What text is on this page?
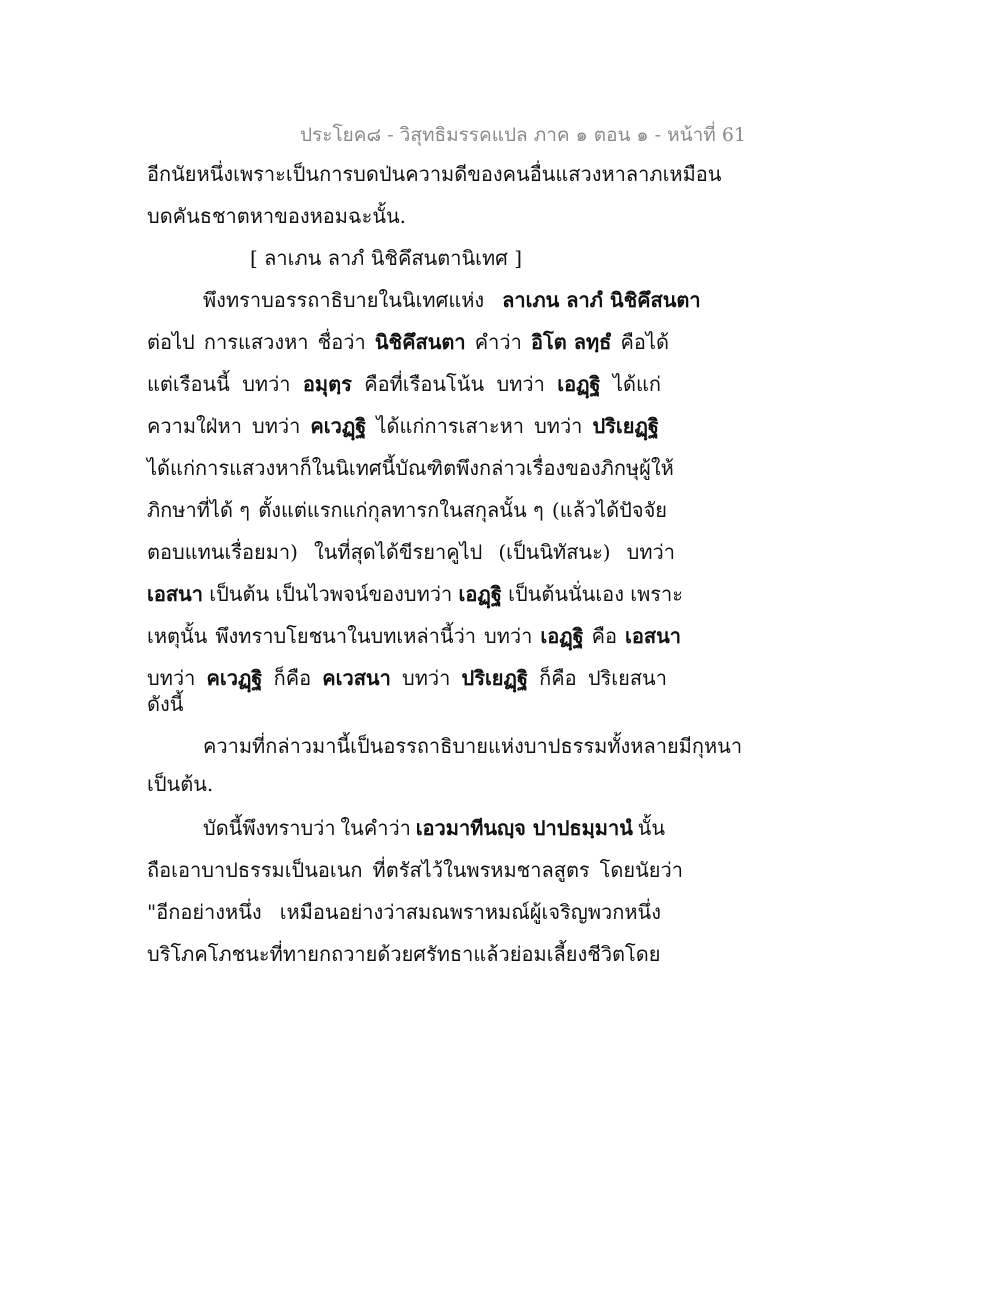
ประโยค๘ - วิสุทธิมรรคแปล ภาค ๑ ตอน ๑ - หน้าที่ 61
อีกนัยหนึ่ง เพราะเป็นการบดป่นความดีของคนอื่นแสวงหาลาภ เหมือน
บดคันธชาตหาของหอมฉะนั้น.
[ ลาเภน ลาภํ นิชิคึสนตานิเทศ ]
พึงทราบอรรถาธิบายในนิเทศแห่ง ลาเภน ลาภํ นิชิคึสนตา
ต่อไป การแสวงหา ชื่อว่า นิชิคึสนตา คำว่า อิโต ลทฺธํ คือได้
แต่เรือนนี้ บทว่า อมุตฺร คือที่เรือนโน้น บทว่า เอฏฺฐิ ได้แก่
ความใฝ่หา บทว่า คเวฏฺฐิ ได้แก่การเสาะหา บทว่า ปริเยฏฺฐิ
ได้แก่การแสวงหา ก็ในนิเทศนี้ บัณฑิตพึงกล่าวเรื่องของภิกษุผู้ให้
ภิกษาที่ได้ ๆ ตั้งแต่แรกแก่กุลทารกในสกุลนั้น ๆ (แล้วได้ปัจจัย
ตอบแทนเรื่อยมา) ในที่สุดได้ขีรยาคูไป (เป็นนิทัสนะ) บทว่า
เอสนา เป็นต้น เป็นไวพจน์ของบทว่า เอฏฺฐิ เป็นต้นนั่นเอง เพราะ
เหตุนั้น พึงทราบโยชนาในบทเหล่านี้ว่า บทว่า เอฏฺฐิ คือ เอสนา
บทว่า คเวฏฺฐิ ก็คือ คเวสนา บทว่า ปริเยฏฺฐิ ก็คือ ปริเยสนา
ดังนี้
ความที่กล่าวมานี้เป็นอรรถาธิบายแห่งบาปธรรมทั้งหลายมีกุหนา
เป็นต้น.
บัดนี้พึงทราบว่า ในคำว่า เอวมาทีนญฺจ ปาปธมฺมานํ นั้น
ถือเอาบาปธรรมเป็นอเนก ที่ตรัสไว้ในพรหมชาลสูตร โดยนัยว่า
"อีกอย่างหนึ่ง เหมือนอย่างว่าสมณพราหมณ์ผู้เจริญพวกหนึ่ง
บริโภคโภชนะที่ทายกถวายด้วยศรัทธาแล้ว ย่อมเลี้ยงชีวิตโดย
